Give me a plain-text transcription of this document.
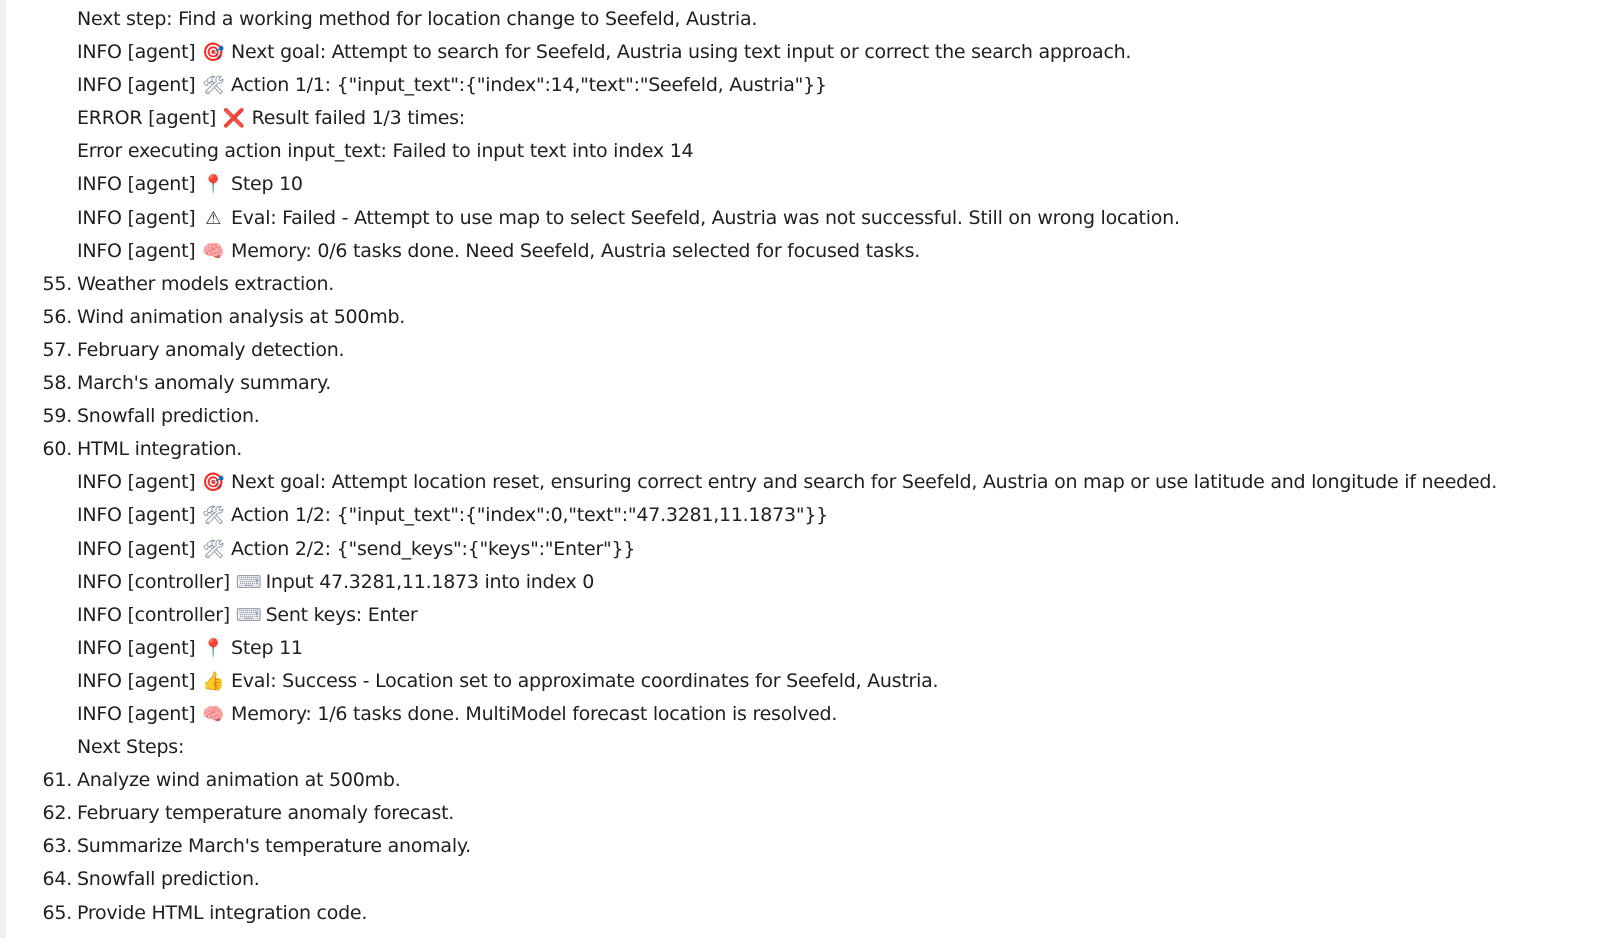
Next step: Find a working method for location change to Seefeld, Austria.
INFO [agent] 🎯 Next goal: Attempt to search for Seefeld, Austria using text input or correct the search approach.
INFO [agent] 🛠 Action 1/1: {"input_text":{"index":14,"text":"Seefeld, Austria"}}
ERROR [agent] ❌ Result failed 1/3 times:
Error executing action input_text: Failed to input text into index 14
INFO [agent] 📍 Step 10
INFO [agent] ⚠ Eval: Failed - Attempt to use map to select Seefeld, Austria was not successful. Still on wrong location.
INFO [agent] 🧠 Memory: 0/6 tasks done. Need Seefeld, Austria selected for focused tasks.
55. Weather models extraction.
56. Wind animation analysis at 500mb.
57. February anomaly detection.
58. March's anomaly summary.
59. Snowfall prediction.
60. HTML integration.
INFO [agent] 🎯 Next goal: Attempt location reset, ensuring correct entry and search for Seefeld, Austria on map or use latitude and longitude if needed.
INFO [agent] 🛠 Action 1/2: {"input_text":{"index":0,"text":"47.3281,11.1873"}}
INFO [agent] 🛠 Action 2/2: {"send_keys":{"keys":"Enter"}}
INFO [controller] ⌨ Input 47.3281,11.1873 into index 0
INFO [controller] ⌨ Sent keys: Enter
INFO [agent] 📍 Step 11
INFO [agent] 👍 Eval: Success - Location set to approximate coordinates for Seefeld, Austria.
INFO [agent] 🧠 Memory: 1/6 tasks done. MultiModel forecast location is resolved.
Next Steps:
61. Analyze wind animation at 500mb.
62. February temperature anomaly forecast.
63. Summarize March's temperature anomaly.
64. Snowfall prediction.
65. Provide HTML integration code.
